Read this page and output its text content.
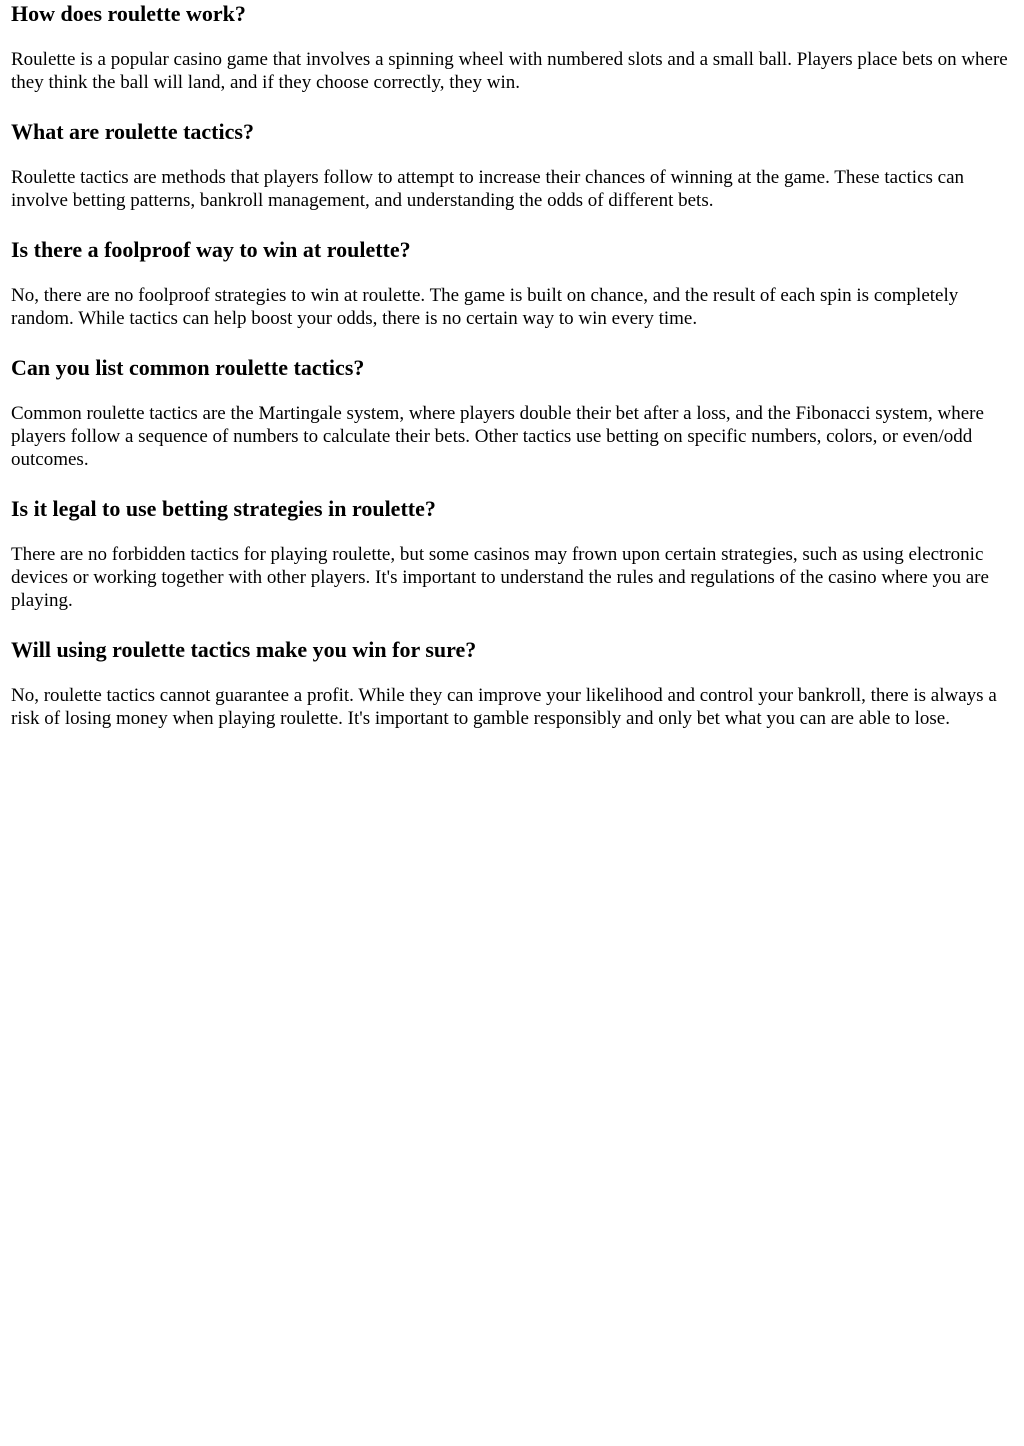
How does roulette work?

Roulette is a popular casino game that involves a spinning wheel with numbered slots and a small ball. Players place bets on where they think the ball will land, and if they choose correctly, they win.

What are roulette tactics?

Roulette tactics are methods that players follow to attempt to increase their chances of winning at the game. These tactics can involve betting patterns, bankroll management, and understanding the odds of different bets.

Is there a foolproof way to win at roulette?

No, there are no foolproof strategies to win at roulette. The game is built on chance, and the result of each spin is completely random. While tactics can help boost your odds, there is no certain way to win every time.

Can you list common roulette tactics?

Common roulette tactics are the Martingale system, where players double their bet after a loss, and the Fibonacci system, where players follow a sequence of numbers to calculate their bets. Other tactics use betting on specific numbers, colors, or even/odd outcomes.

Is it legal to use betting strategies in roulette?

There are no forbidden tactics for playing roulette, but some casinos may frown upon certain strategies, such as using electronic devices or working together with other players. It's important to understand the rules and regulations of the casino where you are playing.

Will using roulette tactics make you win for sure?

No, roulette tactics cannot guarantee a profit. While they can improve your likelihood and control your bankroll, there is always a risk of losing money when playing roulette. It's important to gamble responsibly and only bet what you can are able to lose.
